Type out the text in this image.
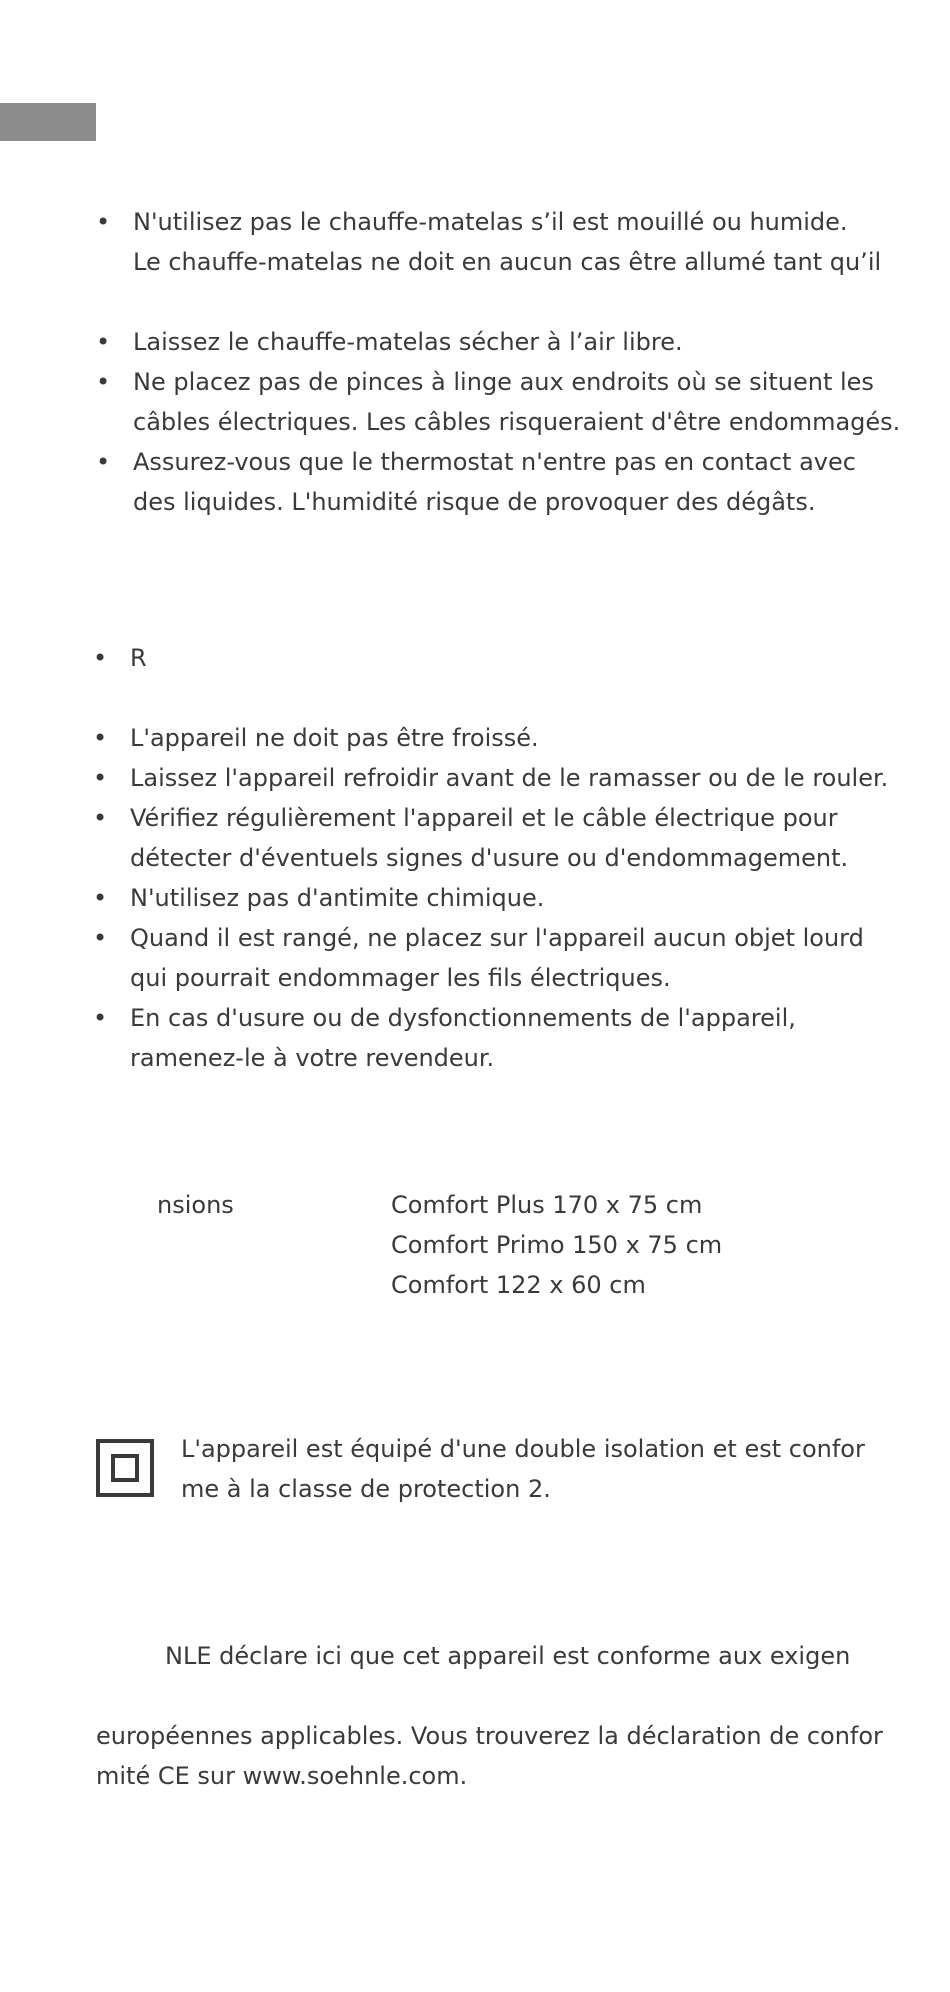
• N'utilisez pas le chauffe-matelas s’il est mouillé ou humide.
Le chauffe-matelas ne doit en aucun cas être allumé tant qu’il
• Laissez le chauffe-matelas sécher à l’air libre.
• Ne placez pas de pinces à linge aux endroits où se situent les
câbles électriques. Les câbles risqueraient d'être endommagés.
• Assurez-vous que le thermostat n'entre pas en contact avec
des liquides. L'humidité risque de provoquer des dégâts.
• R
• L'appareil ne doit pas être froissé.
• Laissez l'appareil refroidir avant de le ramasser ou de le rouler.
• Vérifiez régulièrement l'appareil et le câble électrique pour
détecter d'éventuels signes d'usure ou d'endommagement.
• N'utilisez pas d'antimite chimique.
• Quand il est rangé, ne placez sur l'appareil aucun objet lourd
qui pourrait endommager les fils électriques.
• En cas d'usure ou de dysfonctionnements de l'appareil,
ramenez-le à votre revendeur.
nsions	Comfort Plus 170 x 75 cm
Comfort Primo 150 x 75 cm
Comfort 122 x 60 cm
L'appareil est équipé d'une double isolation et est confor
me à la classe de protection 2.
NLE déclare ici que cet appareil est conforme aux exigen
européennes applicables. Vous trouverez la déclaration de confor
mité CE sur www.soehnle.com.
